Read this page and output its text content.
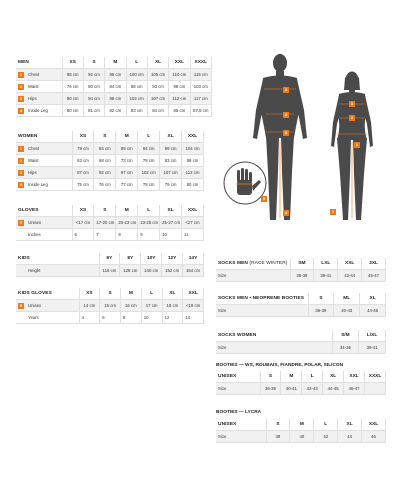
MEN	XS	S	M	L	XL	XXL	XXXL
1 Chest	88 cm	92 cm	96 cm	100 cm	105 cm	110 cm	115 cm
2 Waist	76 cm	80 cm	84 cm	88 cm	93 cm	98 cm	103 cm
3 Hips	90 cm	94 cm	98 cm	102 cm	107 cm	112 cm	117 cm
4 Inside Leg	80 cm	81 cm	82 cm	83 cm	84 cm	85 cm	87,5 cm
WOMEN	XS	S	M	L	XL	XXL
1 Chest	79 cm	84 cm	89 cm	94 cm	99 cm	104 cm
2 Waist	63 cm	68 cm	73 cm	78 cm	83 cm	88 cm
3 Hips	87 cm	92 cm	97 cm	102 cm	107 cm	112 cm
4 Inside Leg	75 cm	76 cm	77 cm	78 cm	79 cm	80 cm
GLOVES	XS	S	M	L	XL	XXL
5 Unisex	<17 cm	17-20 cm	20-23 cm	23-25 cm	25-27 cm	<27 cm
Inches	6	7	8	9	10	11
KIDS	6Y	8Y	10Y	12Y	14Y
Height	116 cm	128 cm	140 cm	152 cm	164 cm
KIDS GLOVES	XS	S	M	L	XL	XXL
5 Unisex	14 cm	15 cm	16 cm	17 cm	18 cm	<19 cm
Years	4	6	8	10	12	14
SOCKS MEN (RACE WINTER)	SM	LXL	XXL	3XL
Size	35-38	39-41	42-44	45-47
SOCKS MEN • NEOPRENE BOOTIES	S	ML	XL
Size	36-39	40-43	44-46
SOCKS WOMEN	S/M	L/XL
Size	34-36	39-41
BOOTIES — WS, ROUBAIX, FIANDRE, POLAR, SILICON
UNISEX	S	M	L	XL	XXL	XXXL
Size	36-39	40-41	42-43	44-45	46-47	
BOOTIES — LYCRA
UNISEX	S	M	L	XL	XXL
Size	38	40	42	44	46
1
2
3
4
1
2
3
4
5
